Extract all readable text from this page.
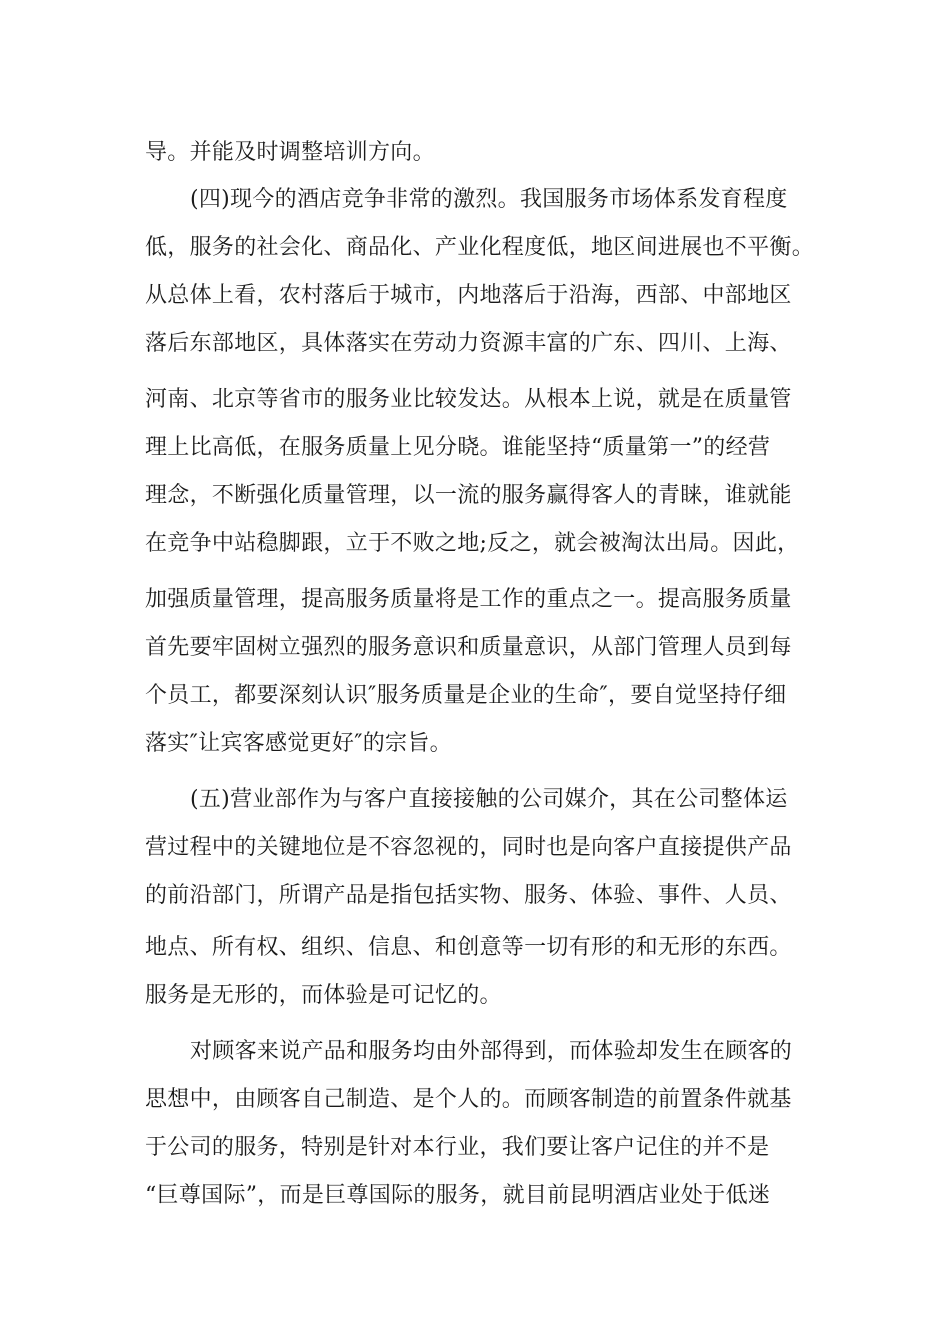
导。并能及时调整培训方向。
(四)现今的酒店竞争非常的激烈。我国服务市场体系发育程度
低，服务的社会化、商品化、产业化程度低，地区间进展也不平衡。
从总体上看，农村落后于城市，内地落后于沿海，西部、中部地区
落后东部地区，具体落实在劳动力资源丰富的广东、四川、上海、
河南、北京等省市的服务业比较发达。从根本上说，就是在质量管
理上比高低，在服务质量上见分晓。谁能坚持“质量第一”的经营
理念，不断强化质量管理，以一流的服务赢得客人的青睐，谁就能
在竞争中站稳脚跟，立于不败之地;反之，就会被淘汰出局。因此，
加强质量管理，提高服务质量将是工作的重点之一。提高服务质量
首先要牢固树立强烈的服务意识和质量意识，从部门管理人员到每
个员工，都要深刻认识″服务质量是企业的生命″，要自觉坚持仔细
落实″让宾客感觉更好″的宗旨。
(五)营业部作为与客户直接接触的公司媒介，其在公司整体运
营过程中的关键地位是不容忽视的，同时也是向客户直接提供产品
的前沿部门，所谓产品是指包括实物、服务、体验、事件、人员、
地点、所有权、组织、信息、和创意等一切有形的和无形的东西。
服务是无形的，而体验是可记忆的。
对顾客来说产品和服务均由外部得到，而体验却发生在顾客的
思想中，由顾客自己制造、是个人的。而顾客制造的前置条件就基
于公司的服务，特别是针对本行业，我们要让客户记住的并不是
“巨尊国际”，而是巨尊国际的服务，就目前昆明酒店业处于低迷
